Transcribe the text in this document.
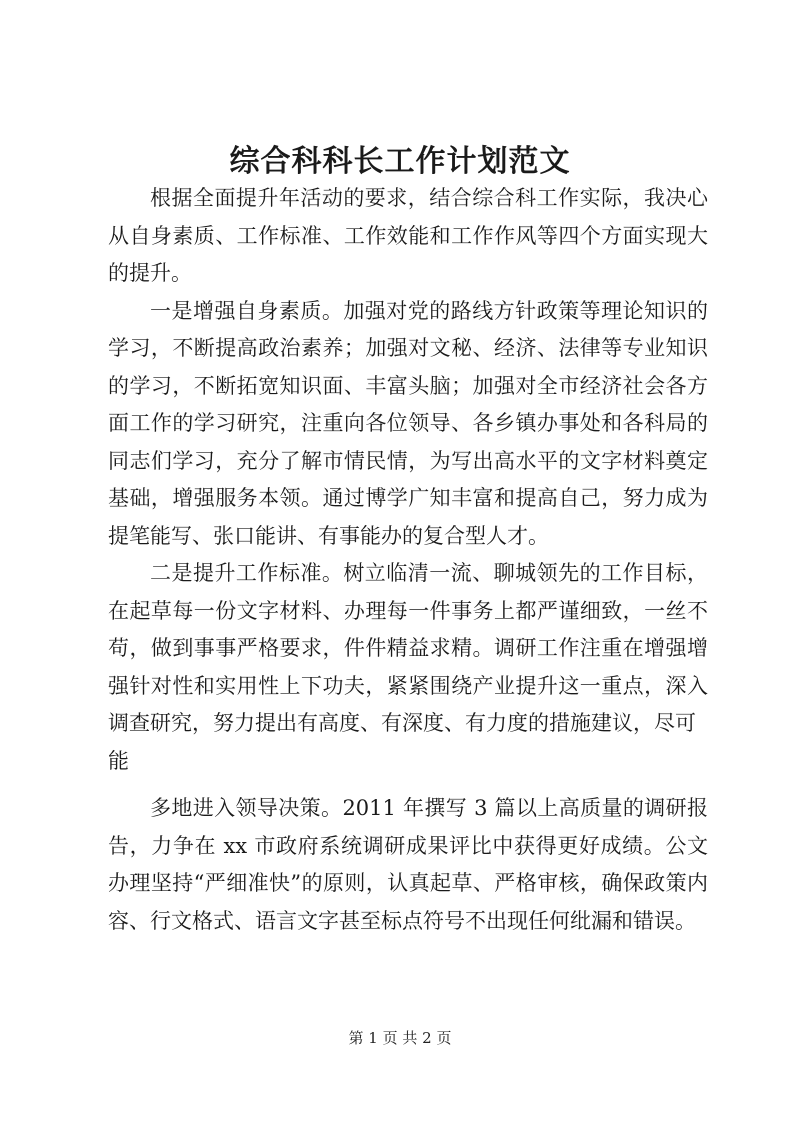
综合科科长工作计划范文

根据全面提升年活动的要求，结合综合科工作实际，我决心从自身素质、工作标准、工作效能和工作作风等四个方面实现大的提升。

一是增强自身素质。加强对党的路线方针政策等理论知识的学习，不断提高政治素养；加强对文秘、经济、法律等专业知识的学习，不断拓宽知识面、丰富头脑；加强对全市经济社会各方面工作的学习研究，注重向各位领导、各乡镇办事处和各科局的同志们学习，充分了解市情民情，为写出高水平的文字材料奠定基础，增强服务本领。通过博学广知丰富和提高自己，努力成为提笔能写、张口能讲、有事能办的复合型人才。

二是提升工作标准。树立临清一流、聊城领先的工作目标，在起草每一份文字材料、办理每一件事务上都严谨细致，一丝不苟，做到事事严格要求，件件精益求精。调研工作注重在增强增强针对性和实用性上下功夫，紧紧围绕产业提升这一重点，深入调查研究，努力提出有高度、有深度、有力度的措施建议，尽可

能

多地进入领导决策。2011 年撰写 3 篇以上高质量的调研报告，力争在 xx 市政府系统调研成果评比中获得更好成绩。公文办理坚持“严细准快”的原则，认真起草、严格审核，确保政策内容、行文格式、语言文字甚至标点符号不出现任何纰漏和错误。

第 1 页 共 2 页
